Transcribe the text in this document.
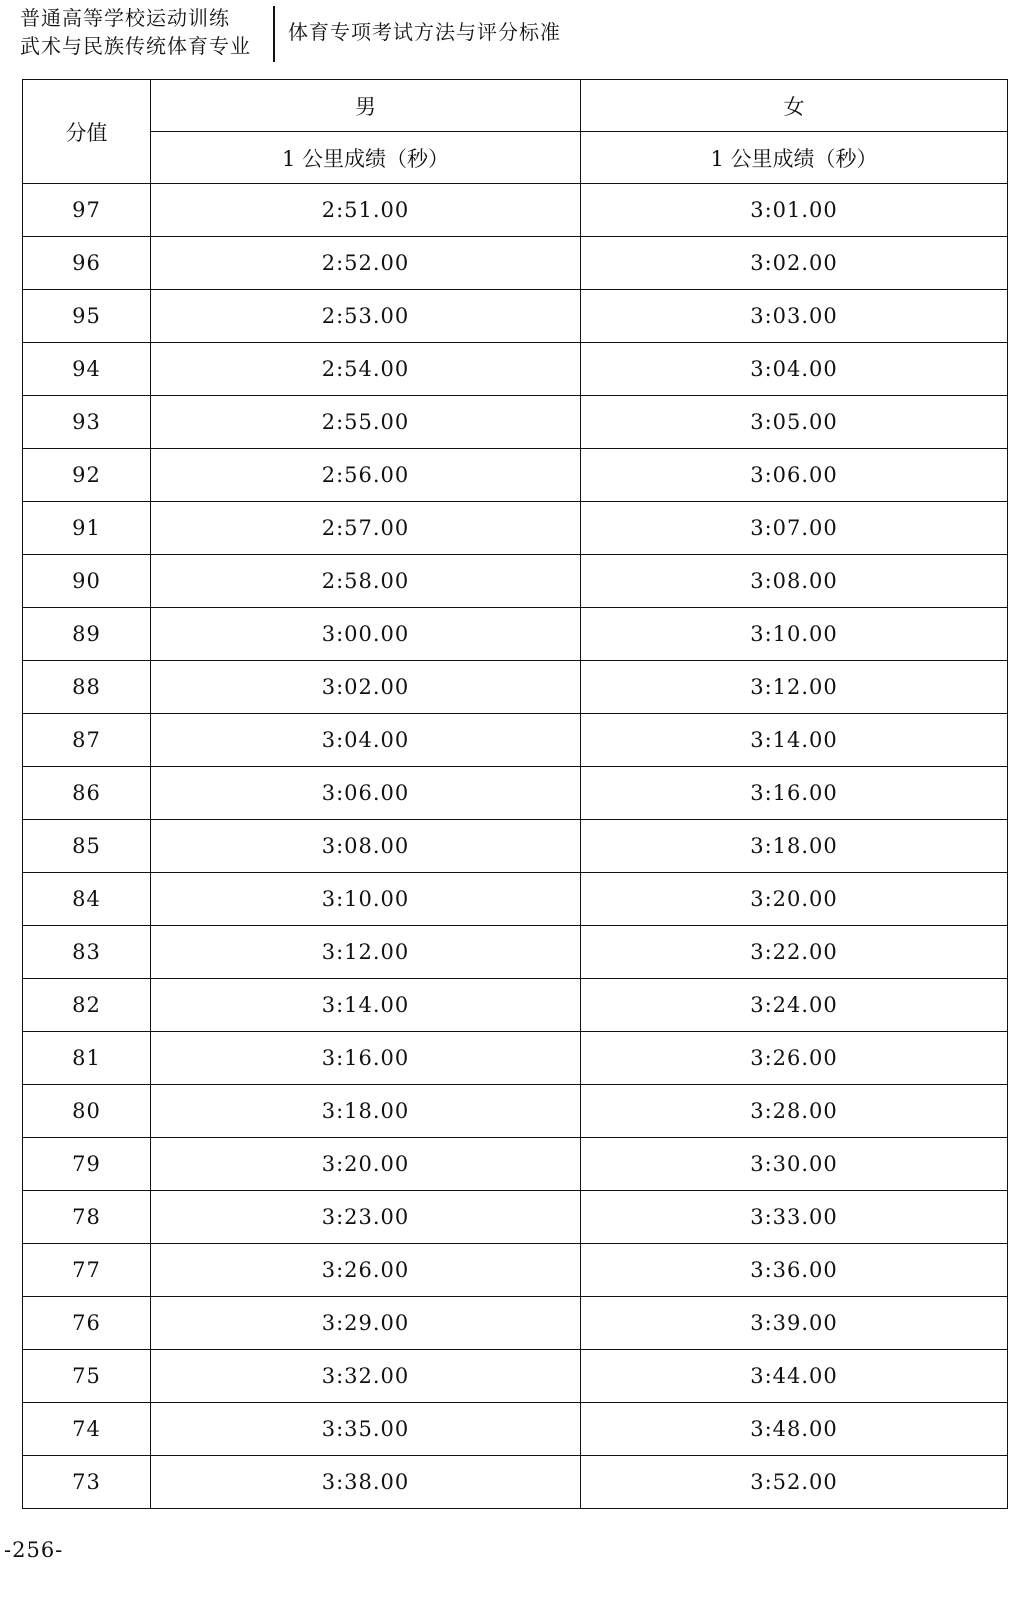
普通高等学校运动训练
武术与民族传统体育专业
体育专项考试方法与评分标准
分值	男	女
	1 公里成绩（秒）	1 公里成绩（秒）
97	2:51.00	3:01.00
96	2:52.00	3:02.00
95	2:53.00	3:03.00
94	2:54.00	3:04.00
93	2:55.00	3:05.00
92	2:56.00	3:06.00
91	2:57.00	3:07.00
90	2:58.00	3:08.00
89	3:00.00	3:10.00
88	3:02.00	3:12.00
87	3:04.00	3:14.00
86	3:06.00	3:16.00
85	3:08.00	3:18.00
84	3:10.00	3:20.00
83	3:12.00	3:22.00
82	3:14.00	3:24.00
81	3:16.00	3:26.00
80	3:18.00	3:28.00
79	3:20.00	3:30.00
78	3:23.00	3:33.00
77	3:26.00	3:36.00
76	3:29.00	3:39.00
75	3:32.00	3:44.00
74	3:35.00	3:48.00
73	3:38.00	3:52.00
-256-
